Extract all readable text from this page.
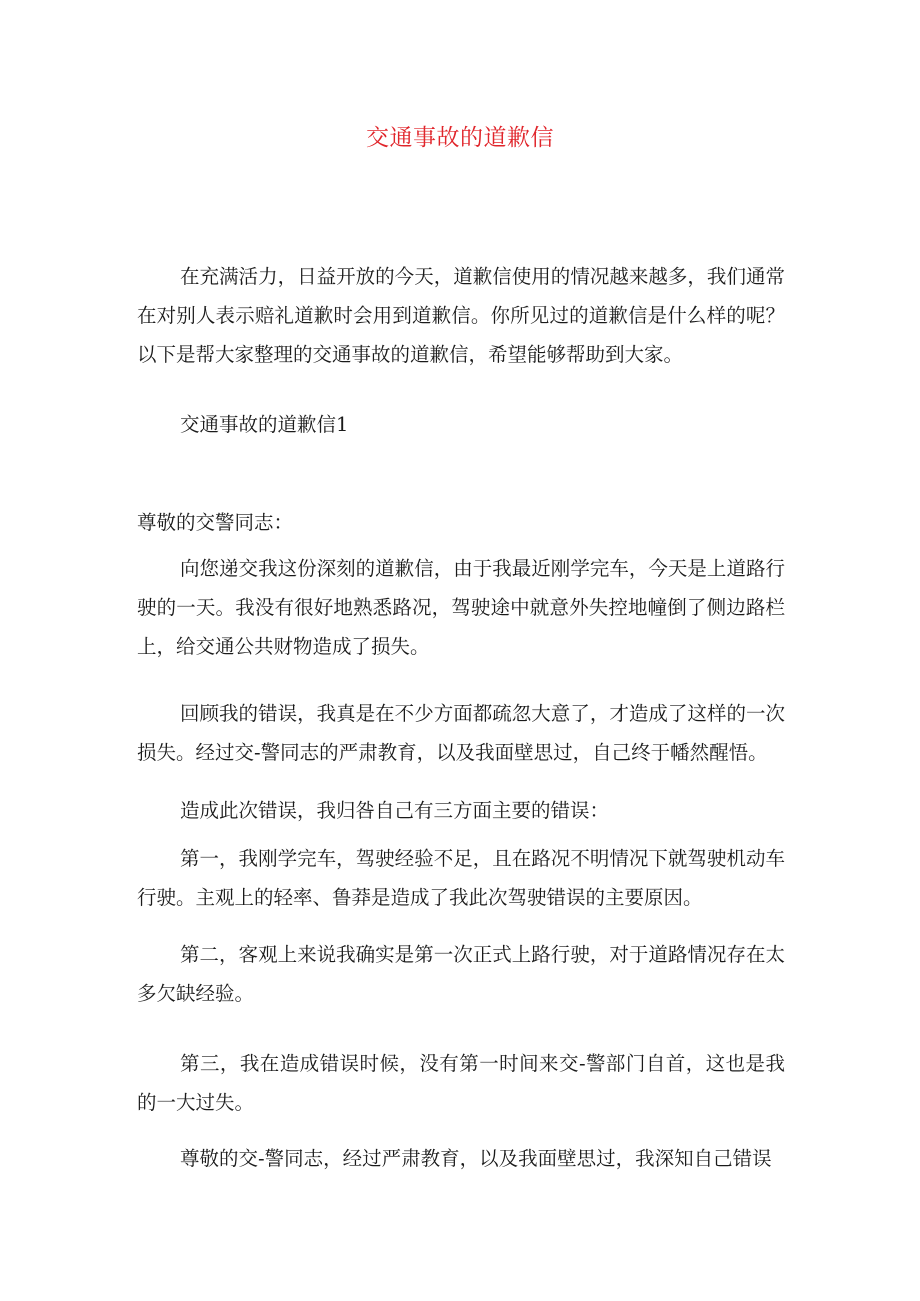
交通事故的道歉信

在充满活力，日益开放的今天，道歉信使用的情况越来越多，我们通常在对别人表示赔礼道歉时会用到道歉信。你所见过的道歉信是什么样的呢？以下是帮大家整理的交通事故的道歉信，希望能够帮助到大家。

交通事故的道歉信1

尊敬的交警同志：

向您递交我这份深刻的道歉信，由于我最近刚学完车，今天是上道路行驶的一天。我没有很好地熟悉路况，驾驶途中就意外失控地幢倒了侧边路栏上，给交通公共财物造成了损失。

回顾我的错误，我真是在不少方面都疏忽大意了，才造成了这样的一次损失。经过交-警同志的严肃教育，以及我面壁思过，自己终于幡然醒悟。

造成此次错误，我归咎自己有三方面主要的错误：

第一，我刚学完车，驾驶经验不足，且在路况不明情况下就驾驶机动车行驶。主观上的轻率、鲁莽是造成了我此次驾驶错误的主要原因。

第二，客观上来说我确实是第一次正式上路行驶，对于道路情况存在太多欠缺经验。

第三，我在造成错误时候，没有第一时间来交-警部门自首，这也是我的一大过失。

尊敬的交-警同志，经过严肃教育，以及我面壁思过，我深知自己错误
